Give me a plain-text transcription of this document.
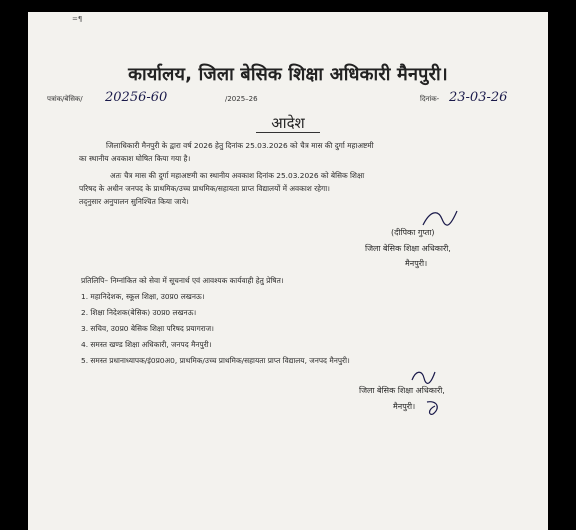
=¶
कार्यालय, जिला बेसिक शिक्षा अधिकारी मैनपुरी।
पत्रांक/बेसिक/ 20256-60	/2025–26	दिनांक- 23-03-26
आदेश
जिलाधिकारी मैनपुरी के द्वारा वर्ष 2026 हेतु दिनांक 25.03.2026 को चैत्र मास की दुर्गा महाअष्टमी
का स्थानीय अवकाश घोषित किया गया है।
अतः चैत्र मास की दुर्गा महाअष्टमी का स्थानीय अवकाश दिनांक 25.03.2026 को बेसिक शिक्षा
परिषद के अधीन जनपद के प्राथमिक/उच्च प्राथमिक/सहायता प्राप्त विद्यालयों में अवकाश रहेगा।
तद्नुसार अनुपालन सुनिश्चित किया जाये।
(दीपिका गुप्ता)
जिला बेसिक शिक्षा अधिकारी,
मैनपुरी।
प्रतिलिपि– निम्नांकित को सेवा में सूचनार्थ एवं आवश्यक कार्यवाही हेतु प्रेषित।
1. महानिदेशक, स्कूल शिक्षा, उ0प्र0 लखनऊ।
2. शिक्षा निदेशक(बेसिक) उ0प्र0 लखनऊ।
3. सचिव, उ0प्र0 बेसिक शिक्षा परिषद प्रयागराज।
4. समस्त खण्ड शिक्षा अधिकारी, जनपद मैनपुरी।
5. समस्त प्रधानाध्यापक/इं0प्र0अ0, प्राथमिक/उच्च प्राथमिक/सहायता प्राप्त विद्यालय, जनपद मैनपुरी।
जिला बेसिक शिक्षा अधिकारी,
मैनपुरी।
